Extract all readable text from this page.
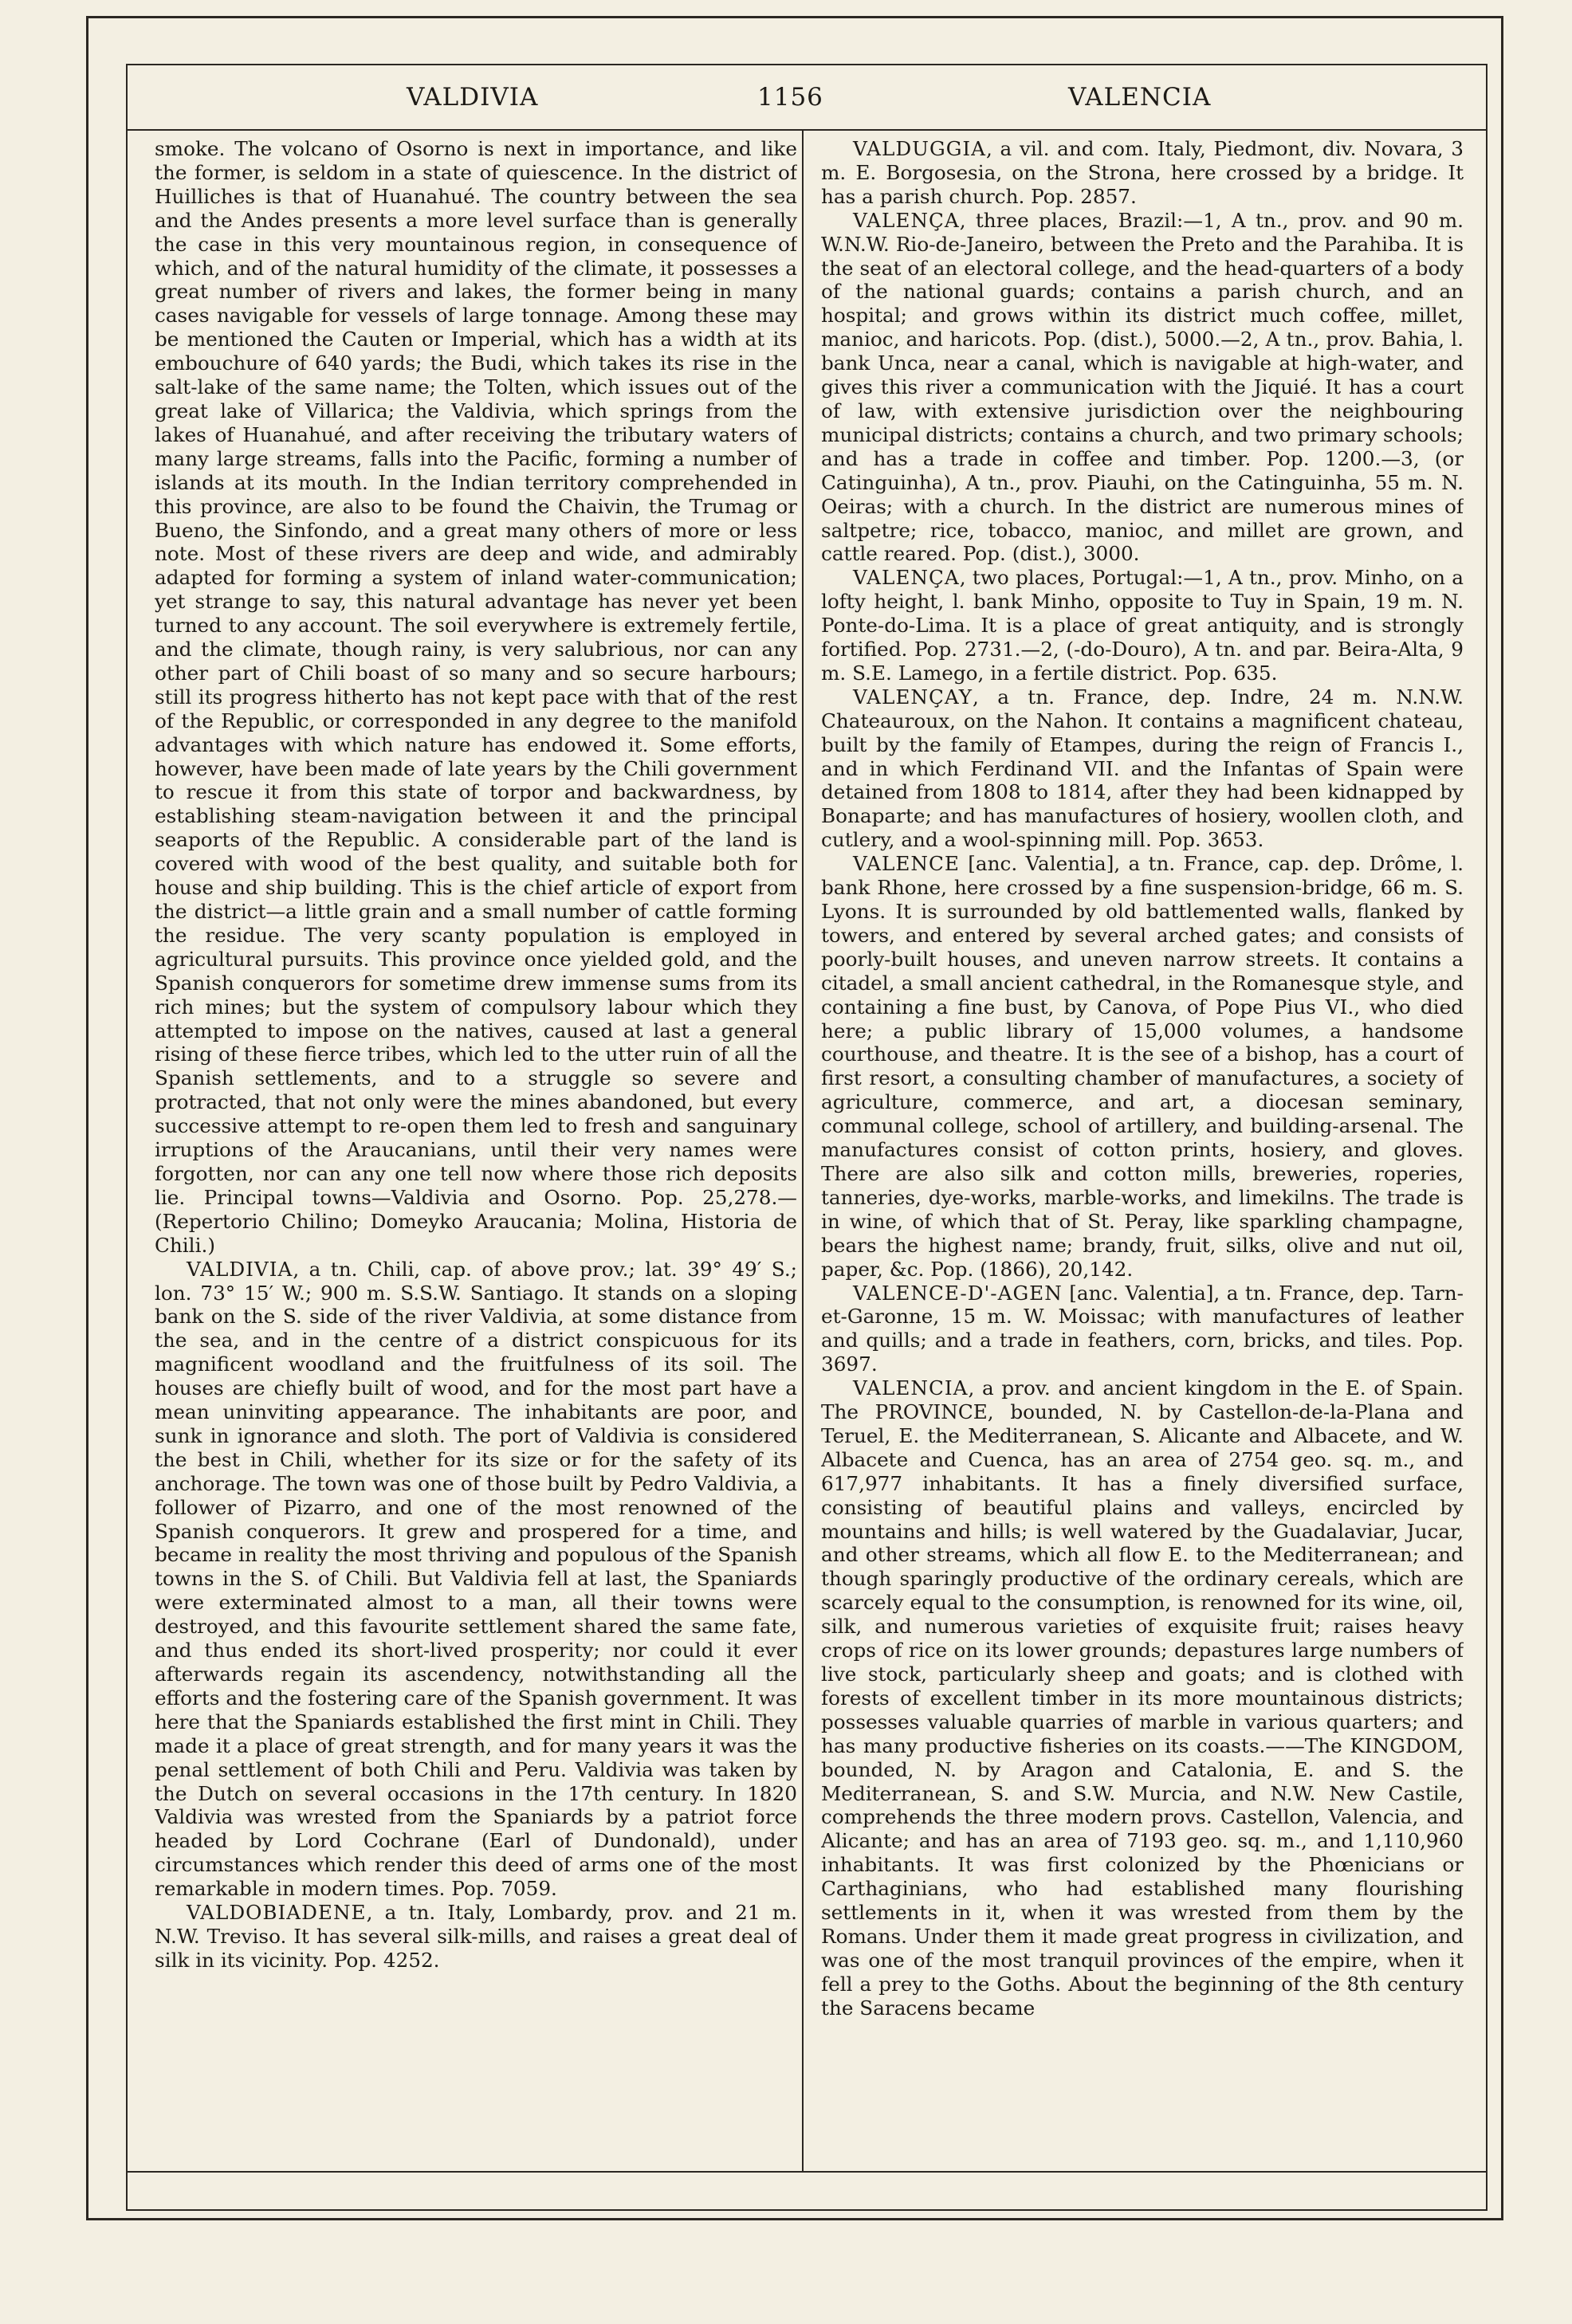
VALDIVIA	1156	VALENCIA

smoke. The volcano of Osorno is next in importance, and like the former, is seldom in a state of quiescence. In the district of Huilliches is that of Huanahué. The country between the sea and the Andes presents a more level surface than is generally the case in this very mountainous region, in consequence of which, and of the natural humidity of the climate, it possesses a great number of rivers and lakes, the former being in many cases navigable for vessels of large tonnage. Among these may be mentioned the Cauten or Imperial, which has a width at its embouchure of 640 yards; the Budi, which takes its rise in the salt-lake of the same name; the Tolten, which issues out of the great lake of Villarica; the Valdivia, which springs from the lakes of Huanahué, and after receiving the tributary waters of many large streams, falls into the Pacific, forming a number of islands at its mouth. In the Indian territory comprehended in this province, are also to be found the Chaivin, the Trumag or Bueno, the Sinfondo, and a great many others of more or less note. Most of these rivers are deep and wide, and admirably adapted for forming a system of inland water-communication; yet strange to say, this natural advantage has never yet been turned to any account. The soil everywhere is extremely fertile, and the climate, though rainy, is very salubrious, nor can any other part of Chili boast of so many and so secure harbours; still its progress hitherto has not kept pace with that of the rest of the Republic, or corresponded in any degree to the manifold advantages with which nature has endowed it. Some efforts, however, have been made of late years by the Chili government to rescue it from this state of torpor and backwardness, by establishing steam-navigation between it and the principal seaports of the Republic. A considerable part of the land is covered with wood of the best quality, and suitable both for house and ship building. This is the chief article of export from the district—a little grain and a small number of cattle forming the residue. The very scanty population is employed in agricultural pursuits. This province once yielded gold, and the Spanish conquerors for sometime drew immense sums from its rich mines; but the system of compulsory labour which they attempted to impose on the natives, caused at last a general rising of these fierce tribes, which led to the utter ruin of all the Spanish settlements, and to a struggle so severe and protracted, that not only were the mines abandoned, but every successive attempt to re-open them led to fresh and sanguinary irruptions of the Araucanians, until their very names were forgotten, nor can any one tell now where those rich deposits lie. Principal towns—Valdivia and Osorno. Pop. 25,278.—(Repertorio Chilino; Domeyko Araucania; Molina, Historia de Chili.)

VALDIVIA, a tn. Chili, cap. of above prov.; lat. 39° 49′ S.; lon. 73° 15′ W.; 900 m. S.S.W. Santiago. It stands on a sloping bank on the S. side of the river Valdivia, at some distance from the sea, and in the centre of a district conspicuous for its magnificent woodland and the fruitfulness of its soil. The houses are chiefly built of wood, and for the most part have a mean uninviting appearance. The inhabitants are poor, and sunk in ignorance and sloth. The port of Valdivia is considered the best in Chili, whether for its size or for the safety of its anchorage. The town was one of those built by Pedro Valdivia, a follower of Pizarro, and one of the most renowned of the Spanish conquerors. It grew and prospered for a time, and became in reality the most thriving and populous of the Spanish towns in the S. of Chili. But Valdivia fell at last, the Spaniards were exterminated almost to a man, all their towns were destroyed, and this favourite settlement shared the same fate, and thus ended its short-lived prosperity; nor could it ever afterwards regain its ascendency, notwithstanding all the efforts and the fostering care of the Spanish government. It was here that the Spaniards established the first mint in Chili. They made it a place of great strength, and for many years it was the penal settlement of both Chili and Peru. Valdivia was taken by the Dutch on several occasions in the 17th century. In 1820 Valdivia was wrested from the Spaniards by a patriot force headed by Lord Cochrane (Earl of Dundonald), under circumstances which render this deed of arms one of the most remarkable in modern times. Pop. 7059.

VALDOBIADENE, a tn. Italy, Lombardy, prov. and 21 m. N.W. Treviso. It has several silk-mills, and raises a great deal of silk in its vicinity. Pop. 4252.

VALDUGGIA, a vil. and com. Italy, Piedmont, div. Novara, 3 m. E. Borgosesia, on the Strona, here crossed by a bridge. It has a parish church. Pop. 2857.

VALENÇA, three places, Brazil:—1, A tn., prov. and 90 m. W.N.W. Rio-de-Janeiro, between the Preto and the Parahiba. It is the seat of an electoral college, and the head-quarters of a body of the national guards; contains a parish church, and an hospital; and grows within its district much coffee, millet, manioc, and haricots. Pop. (dist.), 5000.—2, A tn., prov. Bahia, l. bank Unca, near a canal, which is navigable at high-water, and gives this river a communication with the Jiquié. It has a court of law, with extensive jurisdiction over the neighbouring municipal districts; contains a church, and two primary schools; and has a trade in coffee and timber. Pop. 1200.—3, (or Catinguinha), A tn., prov. Piauhi, on the Catinguinha, 55 m. N. Oeiras; with a church. In the district are numerous mines of saltpetre; rice, tobacco, manioc, and millet are grown, and cattle reared. Pop. (dist.), 3000.

VALENÇA, two places, Portugal:—1, A tn., prov. Minho, on a lofty height, l. bank Minho, opposite to Tuy in Spain, 19 m. N. Ponte-do-Lima. It is a place of great antiquity, and is strongly fortified. Pop. 2731.—2, (-do-Douro), A tn. and par. Beira-Alta, 9 m. S.E. Lamego, in a fertile district. Pop. 635.

VALENÇAY, a tn. France, dep. Indre, 24 m. N.N.W. Chateauroux, on the Nahon. It contains a magnificent chateau, built by the family of Etampes, during the reign of Francis I., and in which Ferdinand VII. and the Infantas of Spain were detained from 1808 to 1814, after they had been kidnapped by Bonaparte; and has manufactures of hosiery, woollen cloth, and cutlery, and a wool-spinning mill. Pop. 3653.

VALENCE [anc. Valentia], a tn. France, cap. dep. Drôme, l. bank Rhone, here crossed by a fine suspension-bridge, 66 m. S. Lyons. It is surrounded by old battlemented walls, flanked by towers, and entered by several arched gates; and consists of poorly-built houses, and uneven narrow streets. It contains a citadel, a small ancient cathedral, in the Romanesque style, and containing a fine bust, by Canova, of Pope Pius VI., who died here; a public library of 15,000 volumes, a handsome courthouse, and theatre. It is the see of a bishop, has a court of first resort, a consulting chamber of manufactures, a society of agriculture, commerce, and art, a diocesan seminary, communal college, school of artillery, and building-arsenal. The manufactures consist of cotton prints, hosiery, and gloves. There are also silk and cotton mills, breweries, roperies, tanneries, dye-works, marble-works, and limekilns. The trade is in wine, of which that of St. Peray, like sparkling champagne, bears the highest name; brandy, fruit, silks, olive and nut oil, paper, &c. Pop. (1866), 20,142.

VALENCE-D'-AGEN [anc. Valentia], a tn. France, dep. Tarn-et-Garonne, 15 m. W. Moissac; with manufactures of leather and quills; and a trade in feathers, corn, bricks, and tiles. Pop. 3697.

VALENCIA, a prov. and ancient kingdom in the E. of Spain. The PROVINCE, bounded, N. by Castellon-de-la-Plana and Teruel, E. the Mediterranean, S. Alicante and Albacete, and W. Albacete and Cuenca, has an area of 2754 geo. sq. m., and 617,977 inhabitants. It has a finely diversified surface, consisting of beautiful plains and valleys, encircled by mountains and hills; is well watered by the Guadalaviar, Jucar, and other streams, which all flow E. to the Mediterranean; and though sparingly productive of the ordinary cereals, which are scarcely equal to the consumption, is renowned for its wine, oil, silk, and numerous varieties of exquisite fruit; raises heavy crops of rice on its lower grounds; depastures large numbers of live stock, particularly sheep and goats; and is clothed with forests of excellent timber in its more mountainous districts; possesses valuable quarries of marble in various quarters; and has many productive fisheries on its coasts.——The KINGDOM, bounded, N. by Aragon and Catalonia, E. and S. the Mediterranean, S. and S.W. Murcia, and N.W. New Castile, comprehends the three modern provs. Castellon, Valencia, and Alicante; and has an area of 7193 geo. sq. m., and 1,110,960 inhabitants. It was first colonized by the Phœnicians or Carthaginians, who had established many flourishing settlements in it, when it was wrested from them by the Romans. Under them it made great progress in civilization, and was one of the most tranquil provinces of the empire, when it fell a prey to the Goths. About the beginning of the 8th century the Saracens became
